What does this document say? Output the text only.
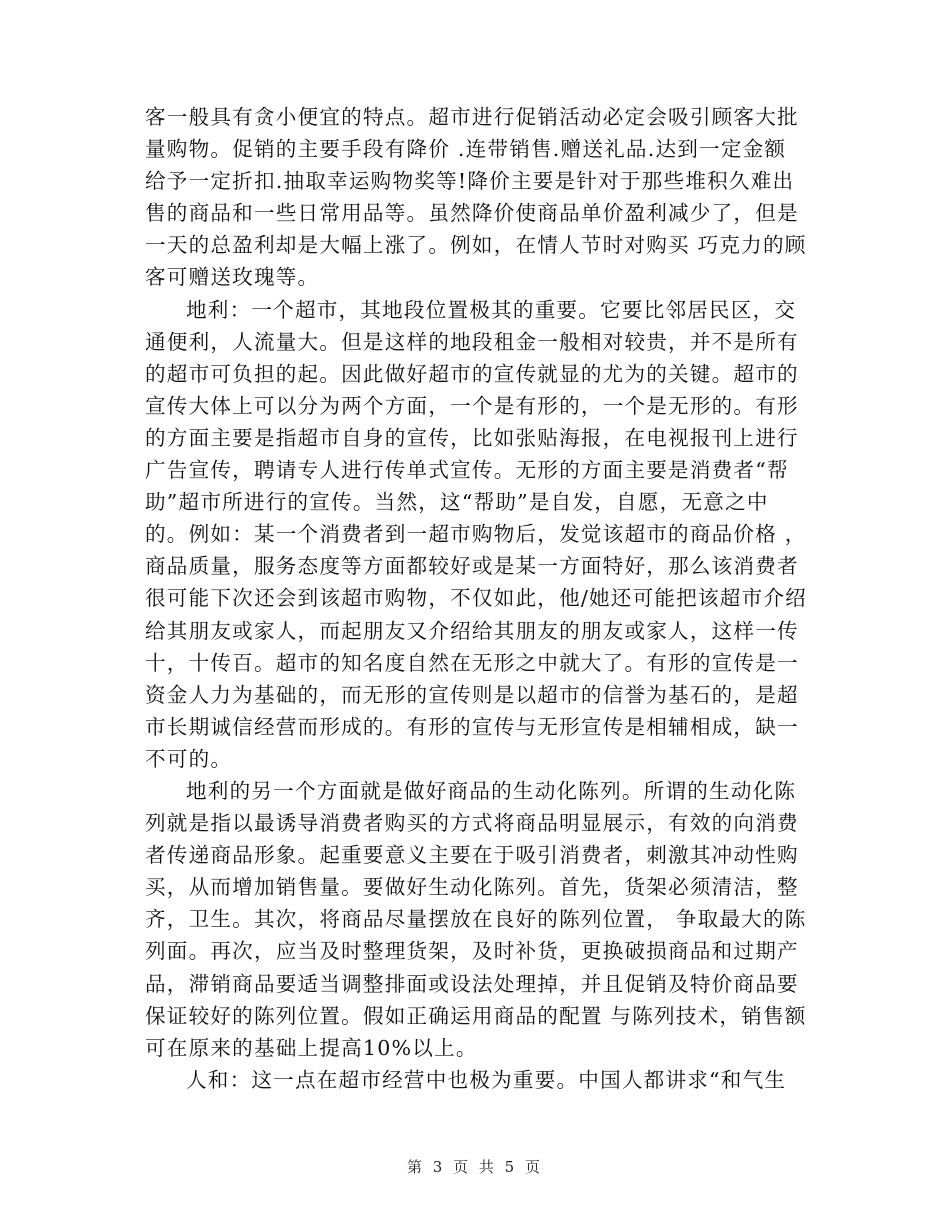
客一般具有贪小便宜的特点。超市进行促销活动必定会吸引顾客大批
量购物。促销的主要手段有降价 .连带销售.赠送礼品.达到一定金额
给予一定折扣.抽取幸运购物奖等!降价主要是针对于那些堆积久难出
售的商品和一些日常用品等。虽然降价使商品单价盈利减少了，但是
一天的总盈利却是大幅上涨了。例如，在情人节时对购买 巧克力的顾
客可赠送玫瑰等。

地利：一个超市，其地段位置极其的重要。它要比邻居民区，交
通便利，人流量大。但是这样的地段租金一般相对较贵，并不是所有
的超市可负担的起。因此做好超市的宣传就显的尤为的关键。超市的
宣传大体上可以分为两个方面，一个是有形的，一个是无形的。有形
的方面主要是指超市自身的宣传，比如张贴海报，在电视报刊上进行
广告宣传，聘请专人进行传单式宣传。无形的方面主要是消费者“帮
助”超市所进行的宣传。当然，这“帮助”是自发，自愿，无意之中
的。例如：某一个消费者到一超市购物后，发觉该超市的商品价格 ，
商品质量，服务态度等方面都较好或是某一方面特好，那么该消费者
很可能下次还会到该超市购物，不仅如此，他/她还可能把该超市介绍
给其朋友或家人，而起朋友又介绍给其朋友的朋友或家人，这样一传
十，十传百。超市的知名度自然在无形之中就大了。有形的宣传是一
资金人力为基础的，而无形的宣传则是以超市的信誉为基石的，是超
市长期诚信经营而形成的。有形的宣传与无形宣传是相辅相成，缺一
不可的。

地利的另一个方面就是做好商品的生动化陈列。所谓的生动化陈
列就是指以最诱导消费者购买的方式将商品明显展示，有效的向消费
者传递商品形象。起重要意义主要在于吸引消费者，刺激其冲动性购
买，从而增加销售量。要做好生动化陈列。首先，货架必须清洁，整
齐，卫生。其次，将商品尽量摆放在良好的陈列位置， 争取最大的陈
列面。再次，应当及时整理货架，及时补货，更换破损商品和过期产
品，滞销商品要适当调整排面或设法处理掉，并且促销及特价商品要
保证较好的陈列位置。假如正确运用商品的配置 与陈列技术，销售额
可在原来的基础上提高10%以上。

人和：这一点在超市经营中也极为重要。中国人都讲求“和气生

第 3 页 共 5 页
